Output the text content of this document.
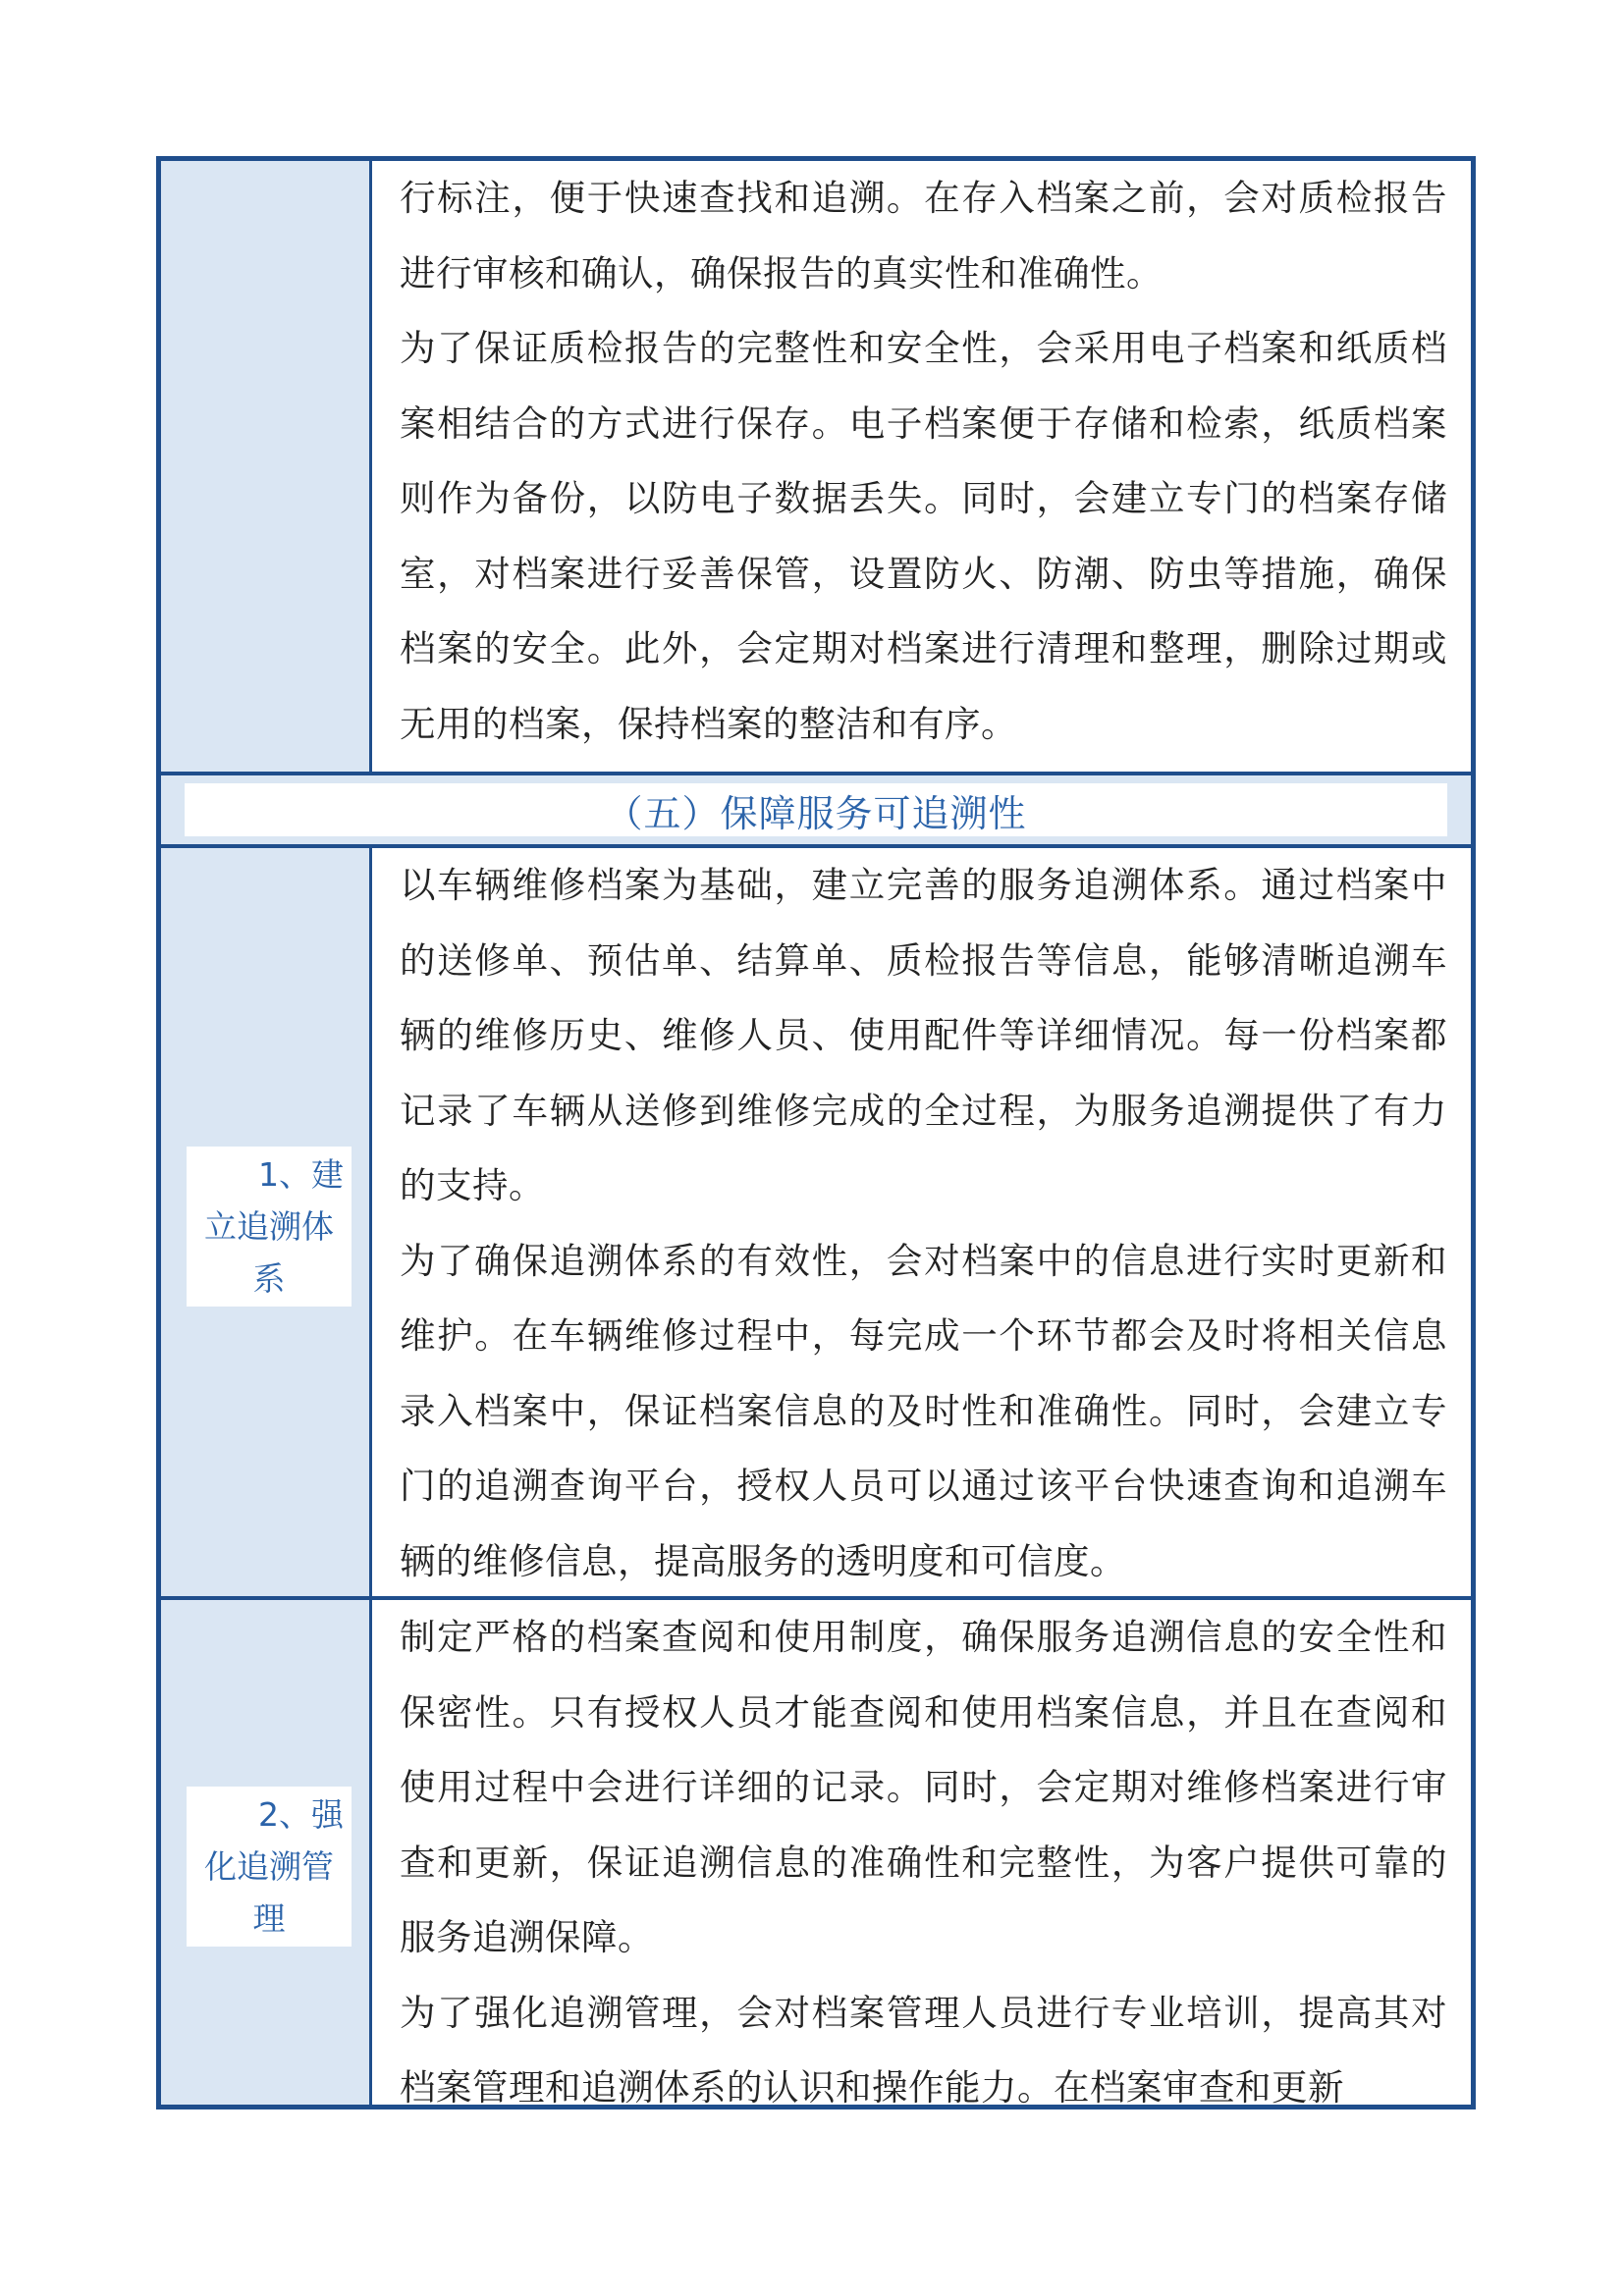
行标注，便于快速查找和追溯。在存入档案之前，会对质检报告进行审核和确认，确保报告的真实性和准确性。

为了保证质检报告的完整性和安全性，会采用电子档案和纸质档案相结合的方式进行保存。电子档案便于存储和检索，纸质档案则作为备份，以防电子数据丢失。同时，会建立专门的档案存储室，对档案进行妥善保管，设置防火、防潮、防虫等措施，确保档案的安全。此外，会定期对档案进行清理和整理，删除过期或无用的档案，保持档案的整洁和有序。

（五）保障服务可追溯性
1、建
立追溯体
系

以车辆维修档案为基础，建立完善的服务追溯体系。通过档案中的送修单、预估单、结算单、质检报告等信息，能够清晰追溯车辆的维修历史、维修人员、使用配件等详细情况。每一份档案都记录了车辆从送修到维修完成的全过程，为服务追溯提供了有力的支持。

为了确保追溯体系的有效性，会对档案中的信息进行实时更新和维护。在车辆维修过程中，每完成一个环节都会及时将相关信息录入档案中，保证档案信息的及时性和准确性。同时，会建立专门的追溯查询平台，授权人员可以通过该平台快速查询和追溯车辆的维修信息，提高服务的透明度和可信度。

2、强
化追溯管
理

制定严格的档案查阅和使用制度，确保服务追溯信息的安全性和保密性。只有授权人员才能查阅和使用档案信息，并且在查阅和使用过程中会进行详细的记录。同时，会定期对维修档案进行审查和更新，保证追溯信息的准确性和完整性，为客户提供可靠的服务追溯保障。

为了强化追溯管理，会对档案管理人员进行专业培训，提高其对档案管理和追溯体系的认识和操作能力。在档案审查和更新
